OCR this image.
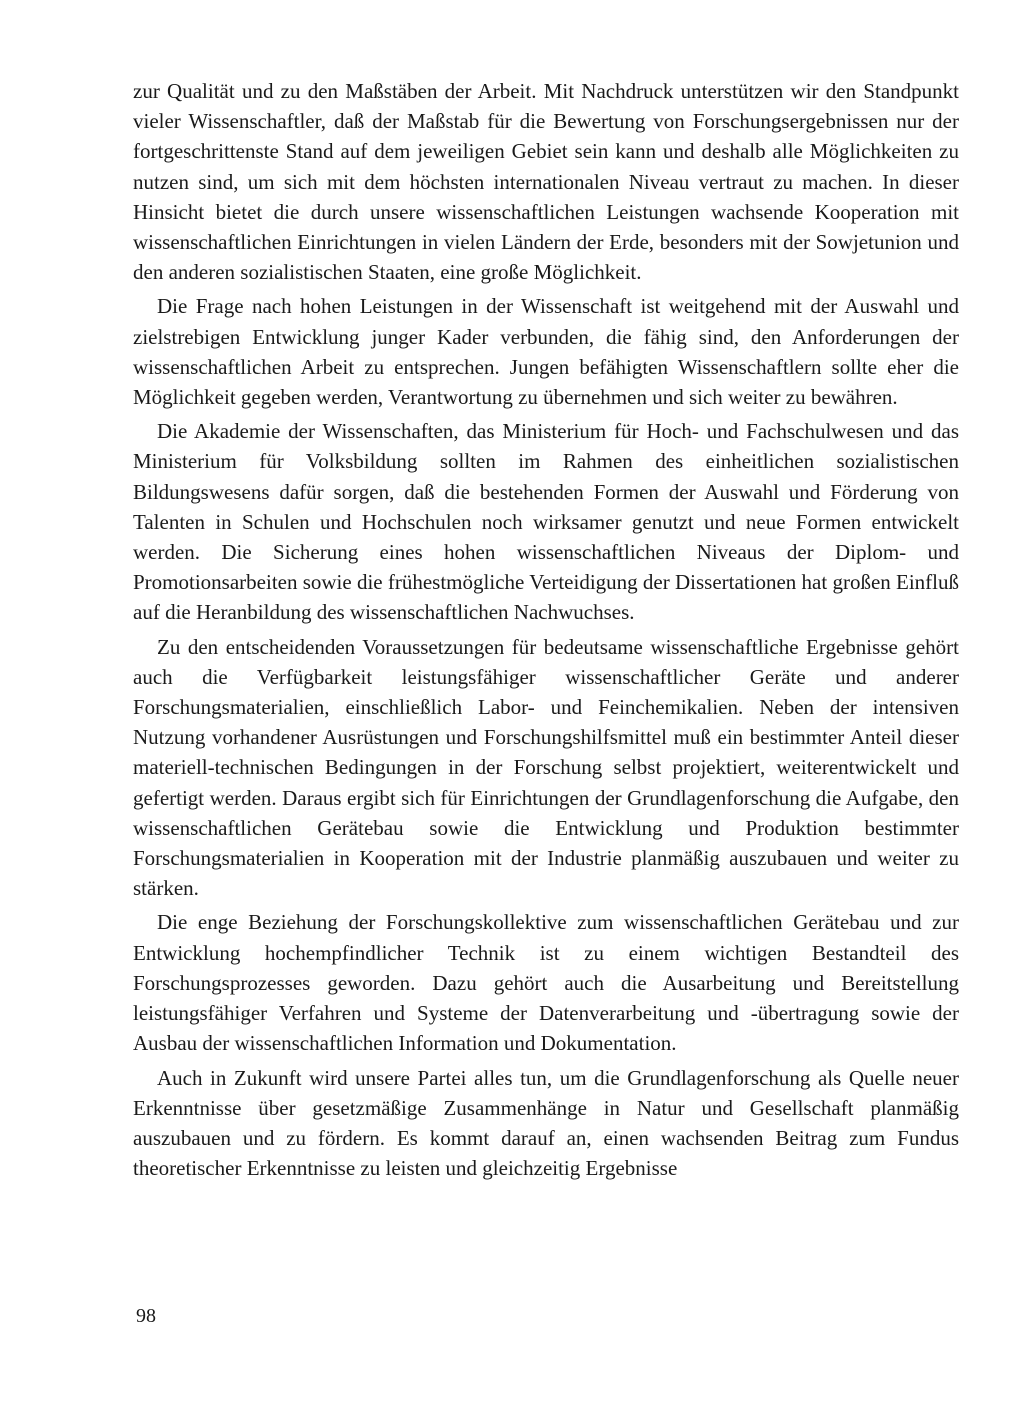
zur Qualität und zu den Maßstäben der Arbeit. Mit Nachdruck unterstützen wir den Standpunkt vieler Wissenschaftler, daß der Maßstab für die Bewertung von Forschungsergebnissen nur der fortgeschrittenste Stand auf dem jeweiligen Gebiet sein kann und deshalb alle Möglichkeiten zu nutzen sind, um sich mit dem höchsten internationalen Niveau vertraut zu machen. In dieser Hinsicht bietet die durch unsere wissenschaftlichen Leistungen wachsende Kooperation mit wissenschaftlichen Einrichtungen in vielen Ländern der Erde, besonders mit der Sowjetunion und den anderen sozialistischen Staaten, eine große Möglichkeit.

Die Frage nach hohen Leistungen in der Wissenschaft ist weitgehend mit der Auswahl und zielstrebigen Entwicklung junger Kader verbunden, die fähig sind, den Anforderungen der wissenschaftlichen Arbeit zu entsprechen. Jungen befähigten Wissenschaftlern sollte eher die Möglichkeit gegeben werden, Verantwortung zu übernehmen und sich weiter zu bewähren.

Die Akademie der Wissenschaften, das Ministerium für Hoch- und Fachschulwesen und das Ministerium für Volksbildung sollten im Rahmen des einheitlichen sozialistischen Bildungswesens dafür sorgen, daß die bestehenden Formen der Auswahl und Förderung von Talenten in Schulen und Hochschulen noch wirksamer genutzt und neue Formen entwickelt werden. Die Sicherung eines hohen wissenschaftlichen Niveaus der Diplom- und Promotionsarbeiten sowie die frühestmögliche Verteidigung der Dissertationen hat großen Einfluß auf die Heranbildung des wissenschaftlichen Nachwuchses.

Zu den entscheidenden Voraussetzungen für bedeutsame wissenschaftliche Ergebnisse gehört auch die Verfügbarkeit leistungsfähiger wissenschaftlicher Geräte und anderer Forschungsmaterialien, einschließlich Labor- und Feinchemikalien. Neben der intensiven Nutzung vorhandener Ausrüstungen und Forschungshilfsmittel muß ein bestimmter Anteil dieser materiell-technischen Bedingungen in der Forschung selbst projektiert, weiterentwickelt und gefertigt werden. Daraus ergibt sich für Einrichtungen der Grundlagenforschung die Aufgabe, den wissenschaftlichen Gerätebau sowie die Entwicklung und Produktion bestimmter Forschungsmaterialien in Kooperation mit der Industrie planmäßig auszubauen und weiter zu stärken.

Die enge Beziehung der Forschungskollektive zum wissenschaftlichen Gerätebau und zur Entwicklung hochempfindlicher Technik ist zu einem wichtigen Bestandteil des Forschungsprozesses geworden. Dazu gehört auch die Ausarbeitung und Bereitstellung leistungsfähiger Verfahren und Systeme der Datenverarbeitung und -übertragung sowie der Ausbau der wissenschaftlichen Information und Dokumentation.

Auch in Zukunft wird unsere Partei alles tun, um die Grundlagenforschung als Quelle neuer Erkenntnisse über gesetzmäßige Zusammenhänge in Natur und Gesellschaft planmäßig auszubauen und zu fördern. Es kommt darauf an, einen wachsenden Beitrag zum Fundus theoretischer Erkenntnisse zu leisten und gleichzeitig Ergebnisse

98
